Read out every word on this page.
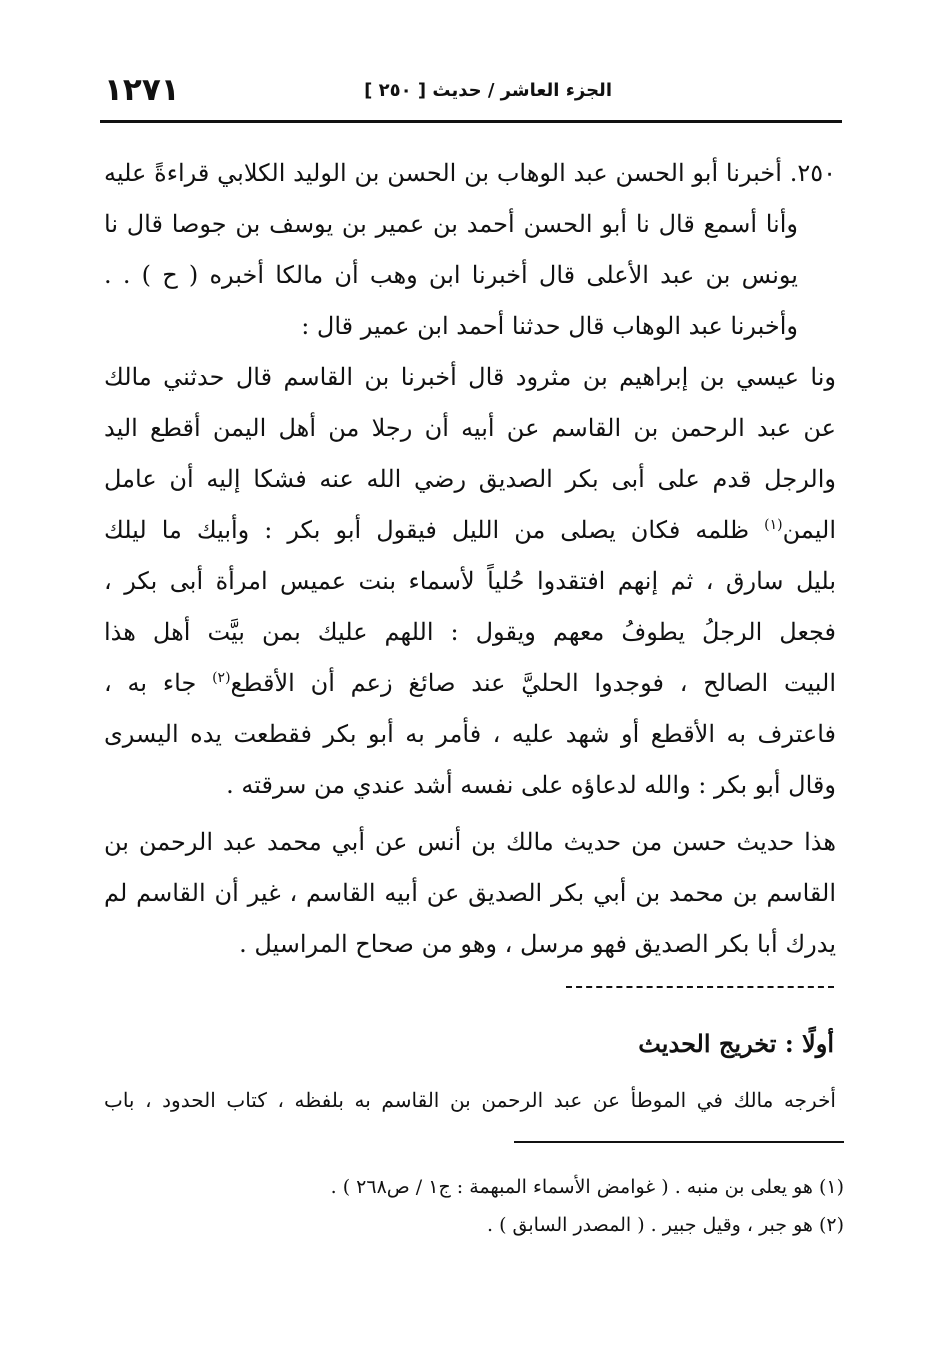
١٢٧١	الجزء العاشر / حديث [ ٢٥٠ ]
٢٥٠. أخبرنا أبو الحسن عبد الوهاب بن الحسن بن الوليد الكلابي قراءةً عليه
وأنا أسمع قال نا أبو الحسن أحمد بن عمير بن يوسف بن جوصا قال نا
يونس بن عبد الأعلى قال أخبرنا ابن وهب أن مالكا أخبره ( ح ) . .
وأخبرنا عبد الوهاب قال حدثنا أحمد ابن عمير قال :
ونا عيسي بن إبراهيم بن مثرود قال أخبرنا بن القاسم قال حدثني مالك
عن عبد الرحمن بن القاسم عن أبيه أن رجلا من أهل اليمن أقطع اليد
والرجل قدم على أبى بكر الصديق رضي الله عنه فشكا إليه أن عامل
اليمن$^{(١)}$ ظلمه فكان يصلى من الليل فيقول أبو بكر : وأبيك ما ليلك
بليل سارق ، ثم إنهم افتقدوا حُلياً لأسماء بنت عميس امرأة أبى بكر ،
فجعل الرجلُ يطوفُ معهم ويقول : اللهم عليك بمن بيَّت أهل هذا
البيت الصالح ، فوجدوا الحليَّ عند صائغ زعم أن الأقطع$^{(٢)}$ جاء به ،
فاعترف به الأقطع أو شهد عليه ، فأمر به أبو بكر فقطعت يده اليسرى
وقال أبو بكر : والله لدعاؤه على نفسه أشد عندي من سرقته .
هذا حديث حسن من حديث مالك بن أنس عن أبي محمد عبد الرحمن بن
القاسم بن محمد بن أبي بكر الصديق عن أبيه القاسم ، غير أن القاسم لم
يدرك أبا بكر الصديق فهو مرسل ، وهو من صحاح المراسيل .
أولًا : تخريج الحديث
أخرجه مالك في الموطأ عن عبد الرحمن بن القاسم به بلفظه ، كتاب الحدود ، باب
(١) هو يعلى بن منبه . ( غوامض الأسماء المبهمة : ج١ / ص٢٦٨ ) .
(٢) هو جبر ، وقيل جبير . ( المصدر السابق ) .
